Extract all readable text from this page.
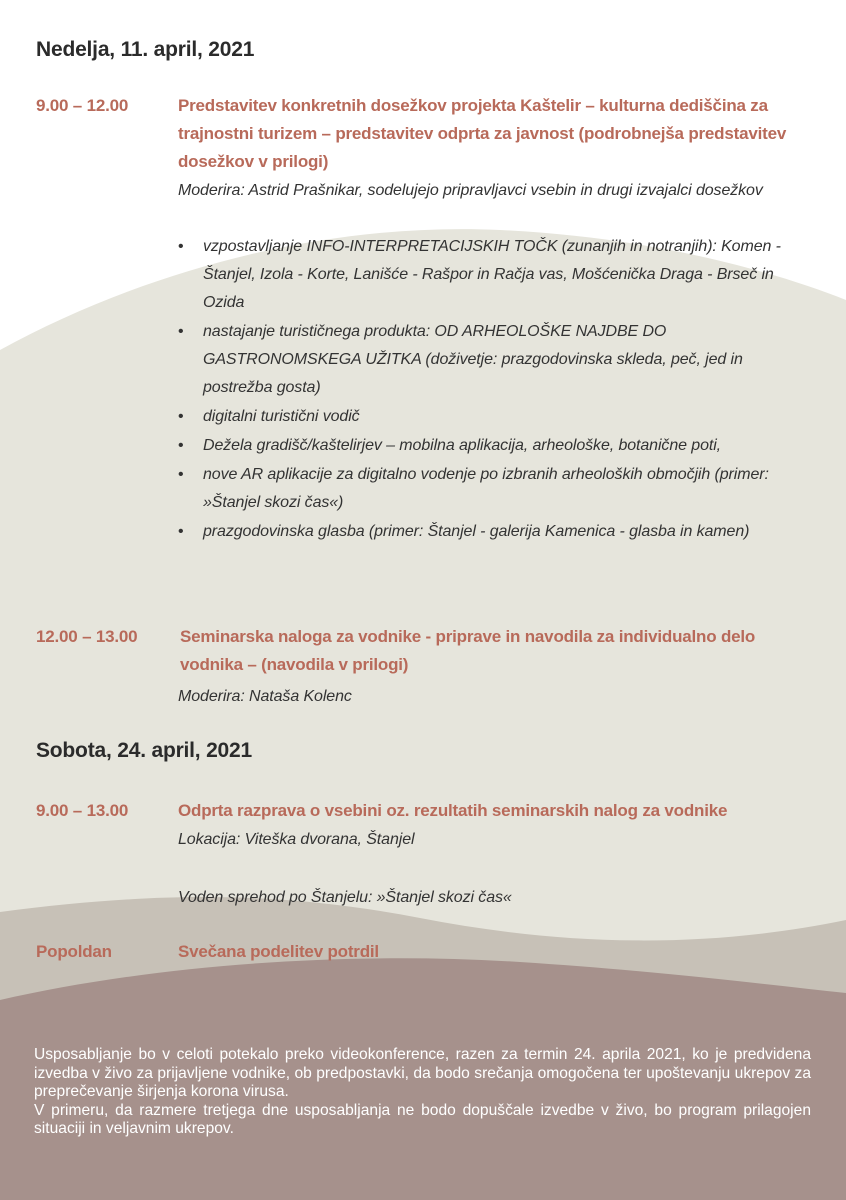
Nedelja, 11. april, 2021
9.00 – 12.00	Predstavitev konkretnih dosežkov projekta Kaštelir – kulturna dediščina za trajnostni turizem – predstavitev odprta za javnost (podrobnejša predstavitev dosežkov v prilogi)

Moderira: Astrid Prašnikar, sodelujejo pripravljavci vsebin in drugi izvajalci dosežkov
• vzpostavljanje INFO-INTERPRETACIJSKIH TOČK (zunanjih in notranjih): Komen - Štanjel, Izola - Korte, Lanišće - Rašpor in Račja vas, Mošćenička Draga - Brseč in Ozida
• nastajanje turističnega produkta: OD ARHEOLOŠKE NAJDBE DO GASTRONOMSKEGA UŽITKA (doživetje: prazgodovinska skleda, peč, jed in postrežba gosta)
• digitalni turistični vodič
• Dežela gradišč/kaštelirjev – mobilna aplikacija, arheološke, botanične poti,
• nove AR aplikacije za digitalno vodenje po izbranih arheoloških območjih (primer: »Štanjel skozi čas«)
• prazgodovinska glasba (primer: Štanjel - galerija Kamenica - glasba in kamen)
12.00 – 13.00	Seminarska naloga za vodnike - priprave in navodila za individualno delo vodnika – (navodila v prilogi)

Moderira: Nataša Kolenc
Sobota, 24. april, 2021
9.00 – 13.00	Odprta razprava o vsebini oz. rezultatih seminarskih nalog za vodnike

Lokacija: Viteška dvorana, Štanjel
Voden sprehod po Štanjelu: »Štanjel skozi čas«
Popoldan	Svečana podelitev potrdil

Usposabljanje bo v celoti potekalo preko videokonference, razen za termin 24. aprila 2021, ko je predvidena izvedba v živo za prijavljene vodnike, ob predpostavki, da bodo srečanja omogočena ter upoštevanju ukrepov za preprečevanje širjenja korona virusa.

V primeru, da razmere tretjega dne usposabljanja ne bodo dopuščale izvedbe v živo, bo program prilagojen situaciji in veljavnim ukrepov.
